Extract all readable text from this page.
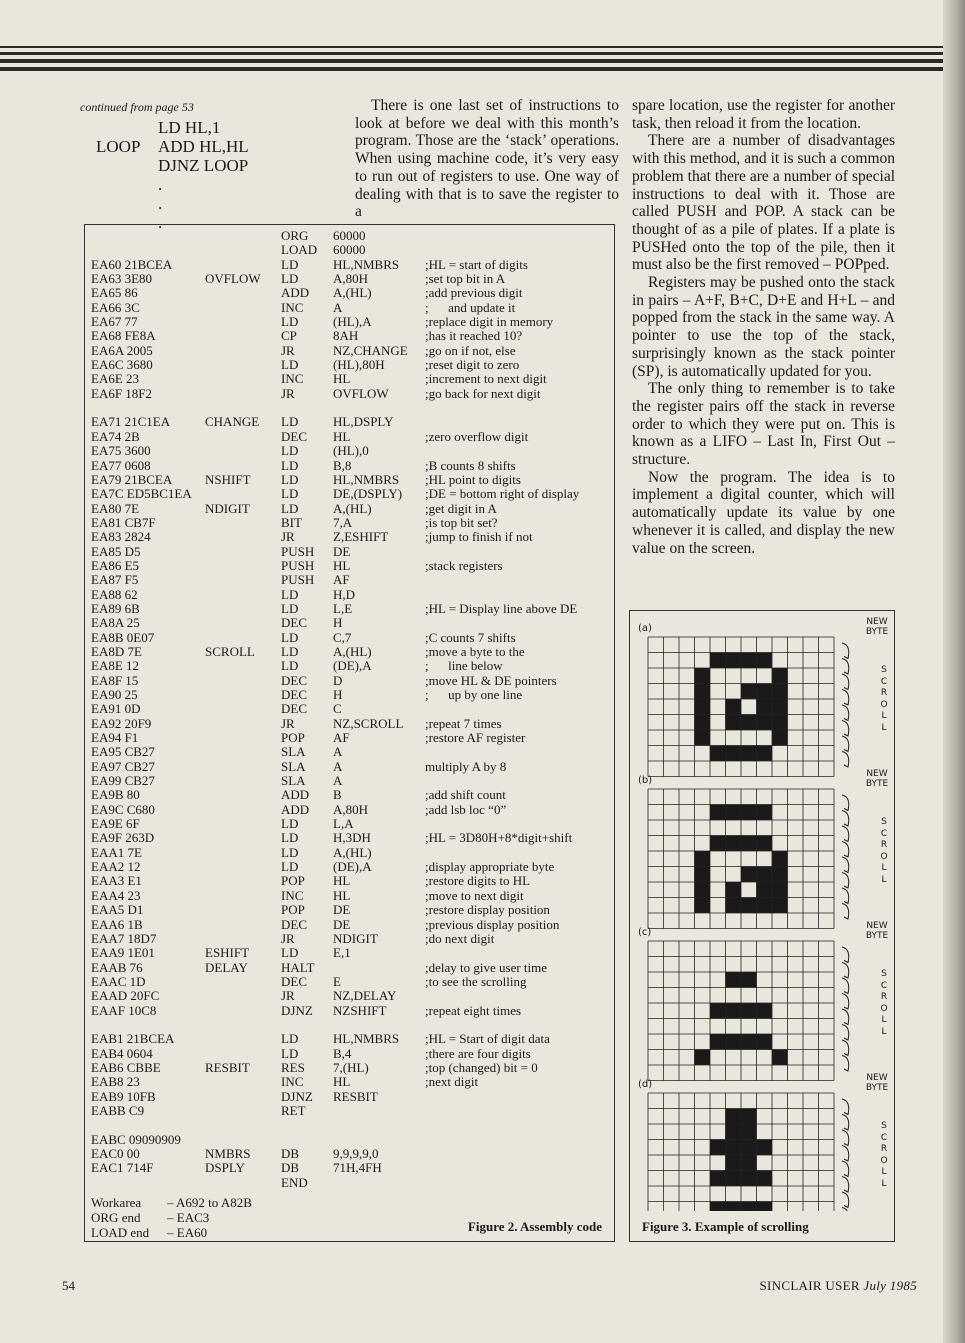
continued from page 53
LD HL,1
LOOP	ADD HL,HL
DJNZ LOOP
.
.
.

There is one last set of instructions to look at before we deal with this month’s program. Those are the ‘stack’ operations. When using machine code, it’s very easy to run out of registers to use. One way of dealing with that is to save the register to a

spare location, use the register for another task, then reload it from the location.

There are a number of disadvantages with this method, and it is such a common problem that there are a number of special instructions to deal with it. Those are called PUSH and POP. A stack can be thought of as a pile of plates. If a plate is PUSHed onto the top of the pile, then it must also be the first removed – POPped.

Registers may be pushed onto the stack in pairs – A+F, B+C, D+E and H+L – and popped from the stack in the same way. A pointer to use the top of the stack, surprisingly known as the stack pointer (SP), is automatically updated for you.

The only thing to remember is to take the register pairs off the stack in reverse order to which they were put on. This is known as a LIFO – Last In, First Out – structure.

Now the program. The idea is to implement a digital counter, which will automatically update its value by one whenever it is called, and display the new value on the screen.

ORG 60000
LOAD 60000
EA60 21BCEA	LD	HL,NMBRS ;HL = start of digits
EA63 3E80	OVFLOW LD	A,80H	;set top bit in A
EA65 86	ADD A,(HL)	;add previous digit
EA66 3C	INC A	;      and update it
EA67 77	LD	(HL),A	;replace digit in memory
EA68 FE8A	CP	8AH	;has it reached 10?
EA6A 2005	JR	NZ,CHANGE ;go on if not, else
EA6C 3680	LD	(HL),80H	;reset digit to zero
EA6E 23	INC HL	;increment to next digit
EA6F 18F2	JR	OVFLOW	;go back for next digit
EA71 21C1EA	CHANGE LD	HL,DSPLY
EA74 2B	DEC HL	;zero overflow digit
EA75 3600	LD	(HL),0
EA77 0608	LD	B,8	;B counts 8 shifts
EA79 21BCEA	NSHIFT LD	HL,NMBRS ;HL point to digits
EA7C ED5BC1EA	LD	DE,(DSPLY) ;DE = bottom right of display
EA80 7E	NDIGIT LD	A,(HL)	;get digit in A
EA81 CB7F	BIT 7,A	;is top bit set?
EA83 2824	JR	Z,ESHIFT	;jump to finish if not
EA85 D5	PUSH DE
EA86 E5	PUSH HL	;stack registers
EA87 F5	PUSH AF
EA88 62	LD	H,D
EA89 6B	LD	L,E	;HL = Display line above DE
EA8A 25	DEC H
EA8B 0E07	LD	C,7	;C counts 7 shifts
EA8D 7E	SCROLL LD	A,(HL)	;move a byte to the
EA8E 12	LD	(DE),A	;      line below
EA8F 15	DEC D	;move HL & DE pointers
EA90 25	DEC H	;      up by one line
EA91 0D	DEC C
EA92 20F9	JR	NZ,SCROLL ;repeat 7 times
EA94 F1	POP AF	;restore AF register
EA95 CB27	SLA A
EA97 CB27	SLA A	multiply A by 8
EA99 CB27	SLA A
EA9B 80	ADD B	;add shift count
EA9C C680	ADD A,80H	;add lsb loc “0”
EA9E 6F	LD	L,A
EA9F 263D	LD	H,3DH	;HL = 3D80H+8*digit+shift
EAA1 7E	LD	A,(HL)
EAA2 12	LD	(DE),A	;display appropriate byte
EAA3 E1	POP HL	;restore digits to HL
EAA4 23	INC HL	;move to next digit
EAA5 D1	POP DE	;restore display position
EAA6 1B	DEC DE	;previous display position
EAA7 18D7	JR	NDIGIT	;do next digit
EAA9 1E01	ESHIFT LD	E,1
EAAB 76	DELAY	HALT	;delay to give user time
EAAC 1D	DEC E	;to see the scrolling
EAAD 20FC	JR	NZ,DELAY
EAAF 10C8	DJNZ NZSHIFT	;repeat eight times
EAB1 21BCEA	LD	HL,NMBRS ;HL = Start of digit data
EAB4 0604	LD	B,4	;there are four digits
EAB6 CBBE	RESBIT RES 7,(HL)	;top (changed) bit = 0
EAB8 23	INC HL	;next digit
EAB9 10FB	DJNZ RESBIT
EABB C9	RET
EABC 09090909
EAC0 00	NMBRS DB	9,9,9,9,0
EAC1 714F	DSPLY	DB	71H,4FH
END
Workarea	– A692 to A82B
ORG end	– EAC3
LOAD end	– EA60	Figure 2. Assembly code	Figure 3. Example of scrolling
(a)
NEW BYTE
S
C
R
O
L
L
(b)
NEW BYTE
S
C
R
O
L
L
(c)
NEW BYTE
S
C
R
O
L
L
(d)
NEW BYTE
S
C
R
O
L
L
54	SINCLAIR USER July 1985
